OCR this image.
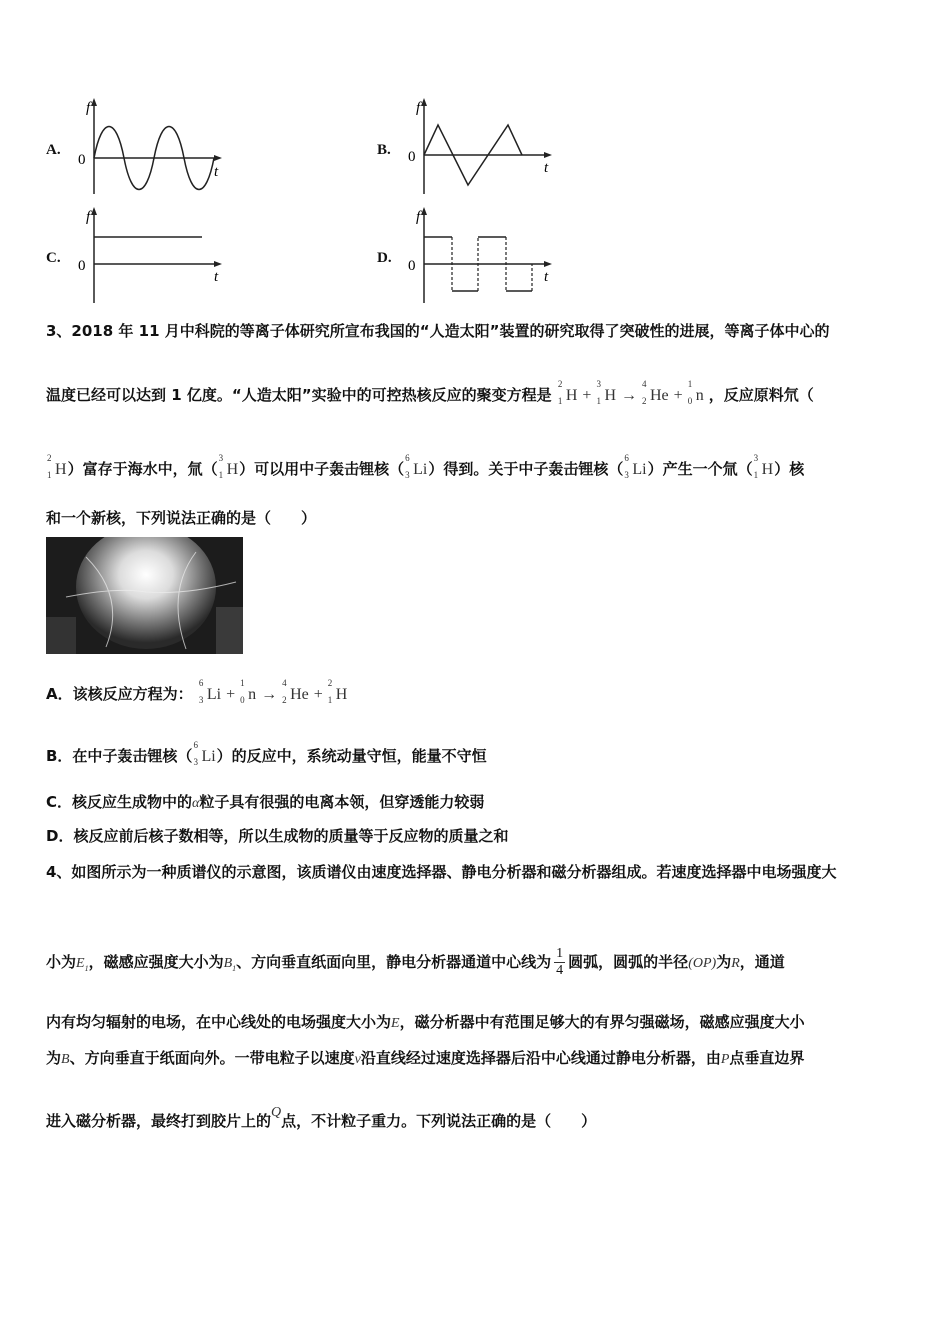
A.
f
0
t
B.
f
0
t
C.
f
0
t
D.
f
0
t
3、2018 年 11 月中科院的等离子体研究所宣布我国的“人造太阳”装置的研究取得了突破性的进展，等离子体中心的
温度已经可以达到 1 亿度。“人造太阳”实验中的可控热核反应的聚变方程是
2
1 H +
3
1 H →
4
2 He +
1
0 n ，反应原料氘（
2
1 H）富存于海水中，氚（
3
1 H）可以用中子轰击锂核（
6
3 Li）得到。关于中子轰击锂核（
6
3 Li）产生一个氚（
3
1 H）核
和一个新核，下列说法正确的是（　　）
A．该核反应方程为：
6
3 Li +
1
0 n →
4
2 He +
2
1 H
B．在中子轰击锂核（
6
3 Li）的反应中，系统动量守恒，能量不守恒
C．核反应生成物中的α粒子具有很强的电离本领，但穿透能力较弱
D．核反应前后核子数相等，所以生成物的质量等于反应物的质量之和
4、如图所示为一种质谱仪的示意图，该质谱仪由速度选择器、静电分析器和磁分析器组成。若速度选择器中电场强度大
小为$E_1$，磁感应强度大小为$B_1$、方向垂直纸面向里，静电分析器通道中心线为 $\frac{1}{4}$ 圆弧，圆弧的半径(OP)为R，通道
内有均匀辐射的电场，在中心线处的电场强度大小为E，磁分析器中有范围足够大的有界匀强磁场，磁感应强度大小
为B、方向垂直于纸面向外。一带电粒子以速度v沿直线经过速度选择器后沿中心线通过静电分析器，由P点垂直边界
进入磁分析器，最终打到胶片上的Q点，不计粒子重力。下列说法正确的是（　　）
